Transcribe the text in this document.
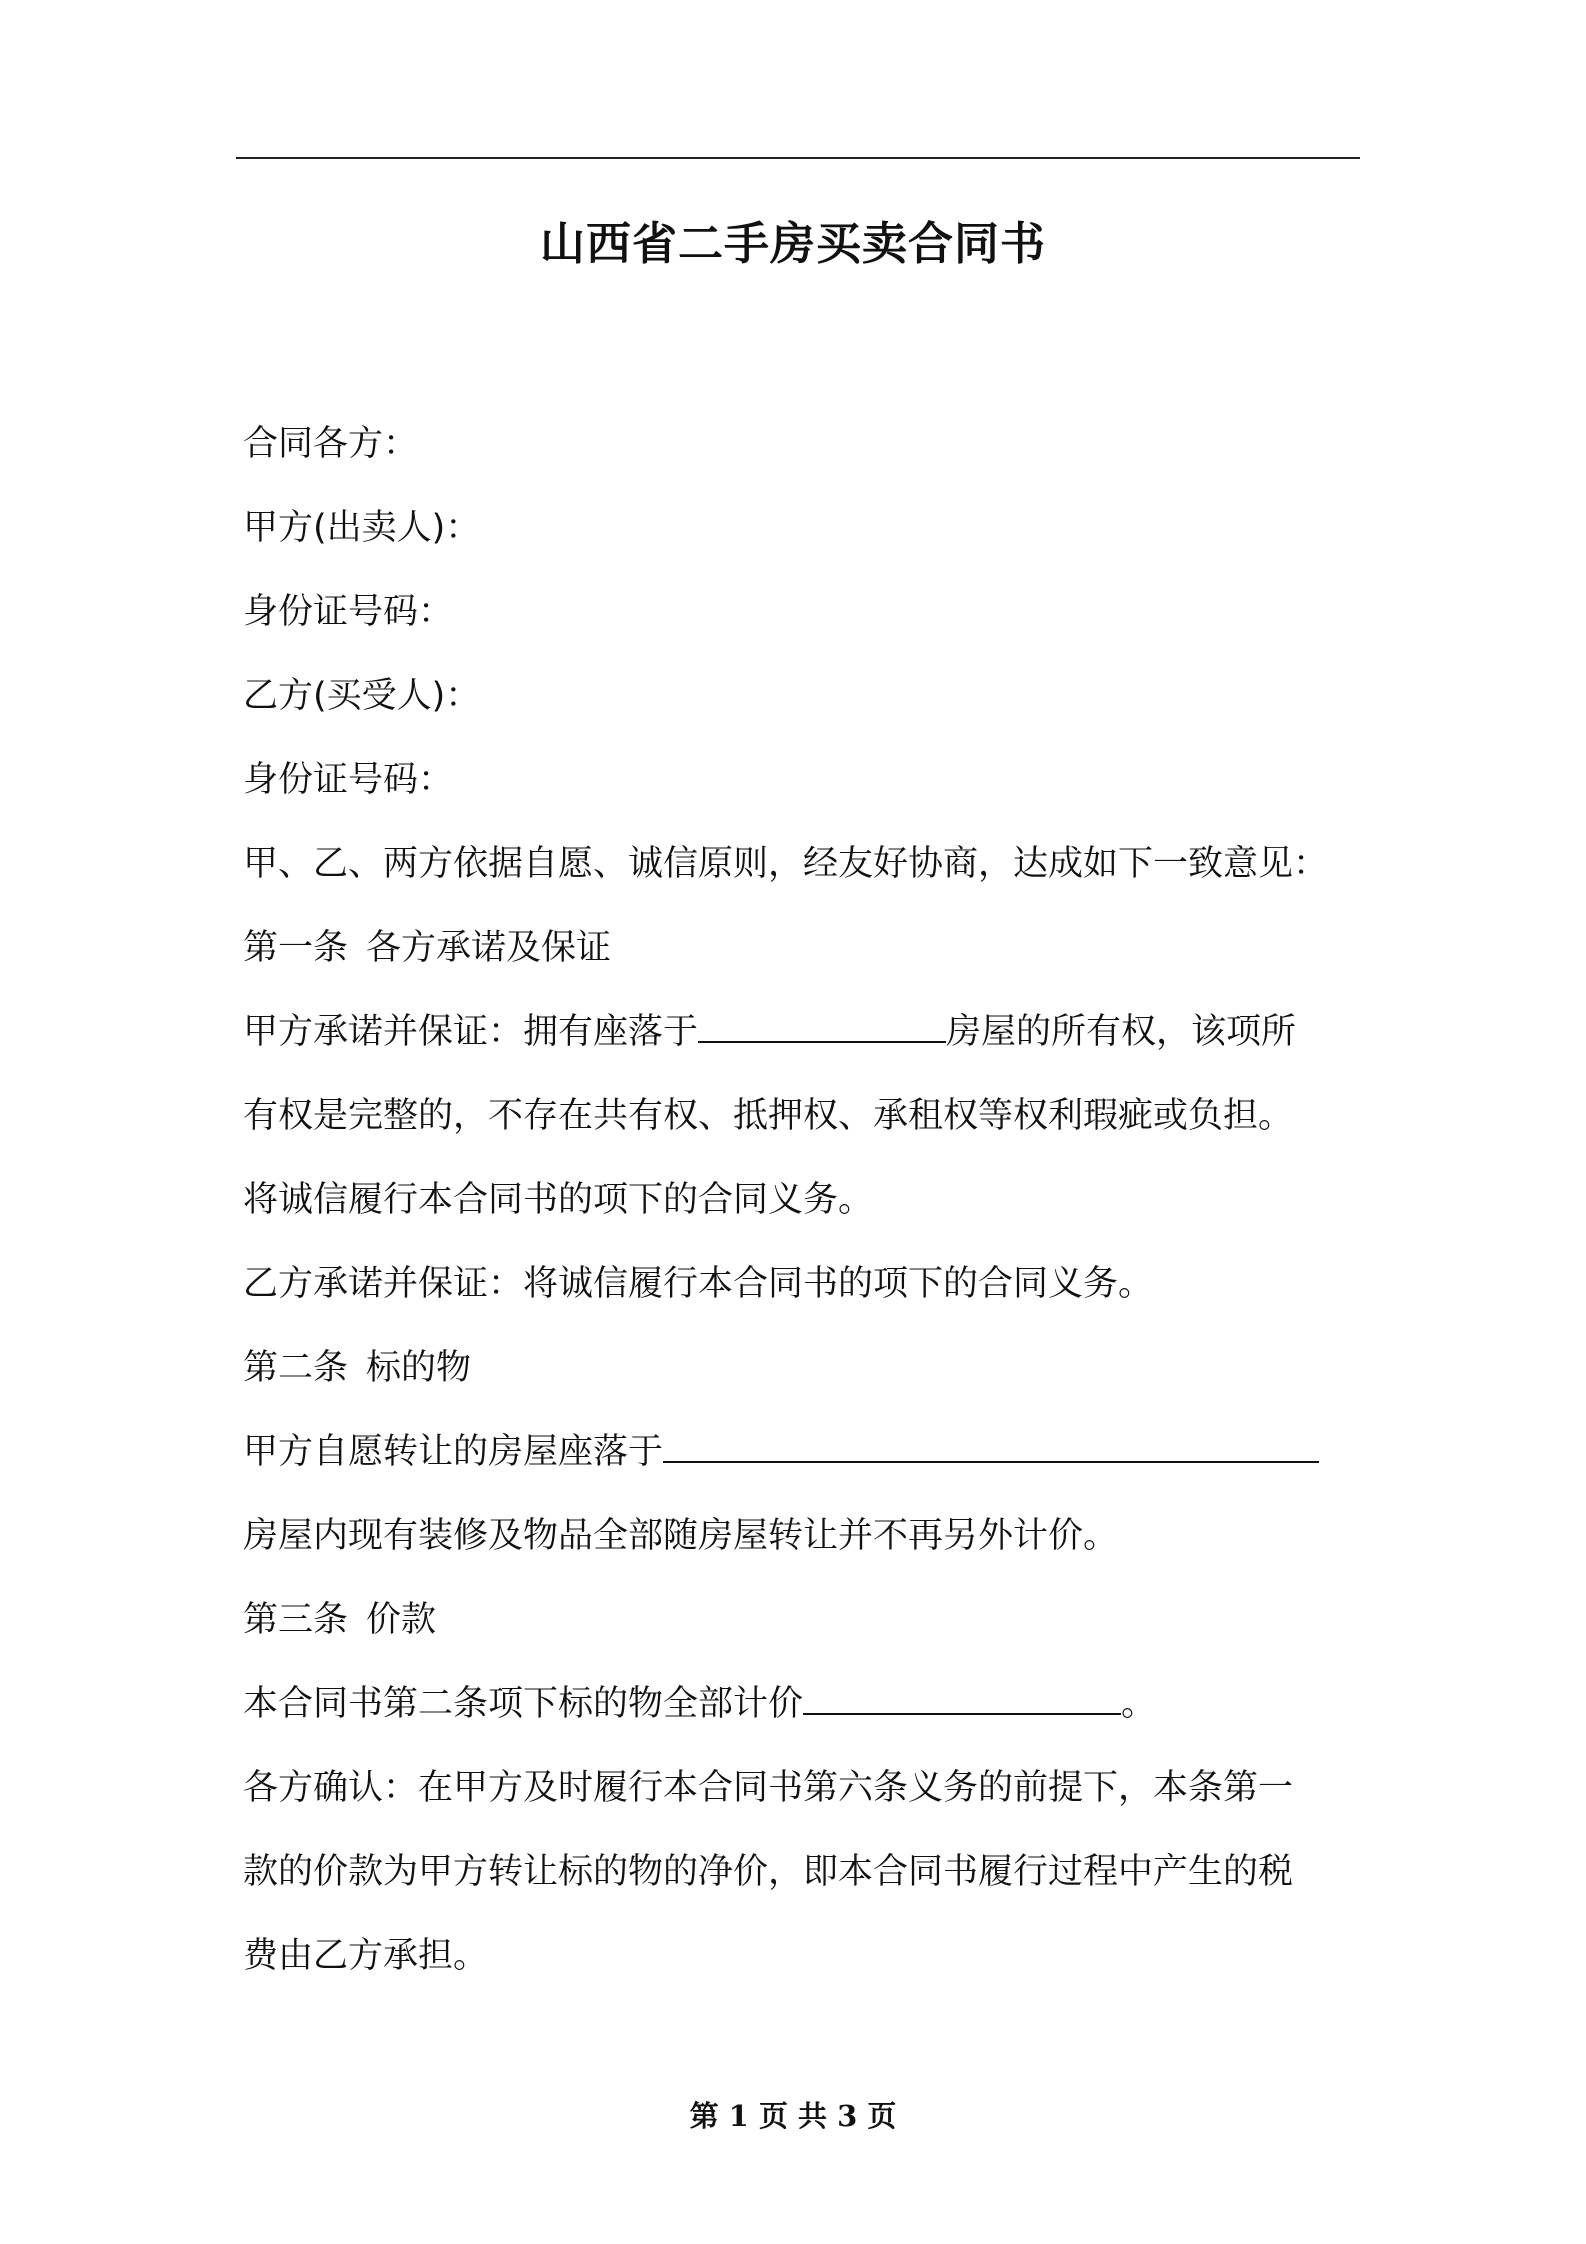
山西省二手房买卖合同书
合同各方：
甲方(出卖人)：
身份证号码：
乙方(买受人)：
身份证号码：
甲、乙、两方依据自愿、诚信原则，经友好协商，达成如下一致意见：
第一条 各方承诺及保证
甲方承诺并保证：拥有座落于	房屋的所有权，该项所
有权是完整的，不存在共有权、抵押权、承租权等权利瑕疵或负担。
将诚信履行本合同书的项下的合同义务。
乙方承诺并保证：将诚信履行本合同书的项下的合同义务。
第二条 标的物
甲方自愿转让的房屋座落于
房屋内现有装修及物品全部随房屋转让并不再另外计价。
第三条 价款
本合同书第二条项下标的物全部计价	。
各方确认：在甲方及时履行本合同书第六条义务的前提下，本条第一
款的价款为甲方转让标的物的净价，即本合同书履行过程中产生的税
费由乙方承担。
第 1 页 共 3 页
